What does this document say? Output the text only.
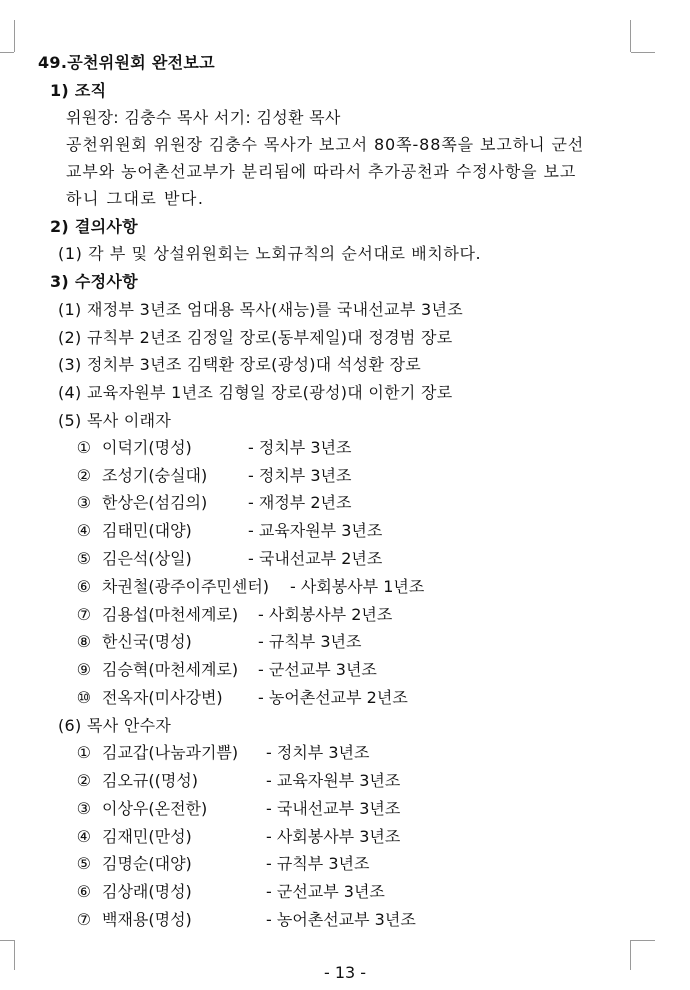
49.공천위원회 완전보고
1) 조직
위원장: 김충수 목사 서기: 김성환 목사
공천위원회 위원장 김충수 목사가 보고서 80쪽-88쪽을 보고하니 군선
교부와 농어촌선교부가 분리됨에 따라서 추가공천과 수정사항을 보고
하니 그대로 받다.
2) 결의사항
(1) 각 부 및 상설위원회는 노회규칙의 순서대로 배치하다.
3) 수정사항
(1) 재정부 3년조 엄대용 목사(새능)를 국내선교부 3년조
(2) 규칙부 2년조 김정일 장로(동부제일)대 정경범 장로
(3) 정치부 3년조 김택환 장로(광성)대 석성환 장로
(4) 교육자원부 1년조 김형일 장로(광성)대 이한기 장로
(5) 목사 이래자
① 이덕기(명성)	- 정치부 3년조
② 조성기(숭실대)	- 정치부 3년조
③ 한상은(섬김의)	- 재정부 2년조
④ 김태민(대양)	- 교육자원부 3년조
⑤ 김은석(상일)	- 국내선교부 2년조
⑥ 차권철(광주이주민센터) - 사회봉사부 1년조
⑦ 김용섭(마천세계로) - 사회봉사부 2년조
⑧ 한신국(명성)	- 규칙부 3년조
⑨ 김승혁(마천세계로) - 군선교부 3년조
⑩ 전옥자(미사강변) - 농어촌선교부 2년조
(6) 목사 안수자
① 김교갑(나눔과기쁨) - 정치부 3년조
② 김오규((명성)	- 교육자원부 3년조
③ 이상우(온전한)	- 국내선교부 3년조
④ 김재민(만성)	- 사회봉사부 3년조
⑤ 김명순(대양)	- 규칙부 3년조
⑥ 김상래(명성)	- 군선교부 3년조
⑦ 백재용(명성)	- 농어촌선교부 3년조
- 13 -
